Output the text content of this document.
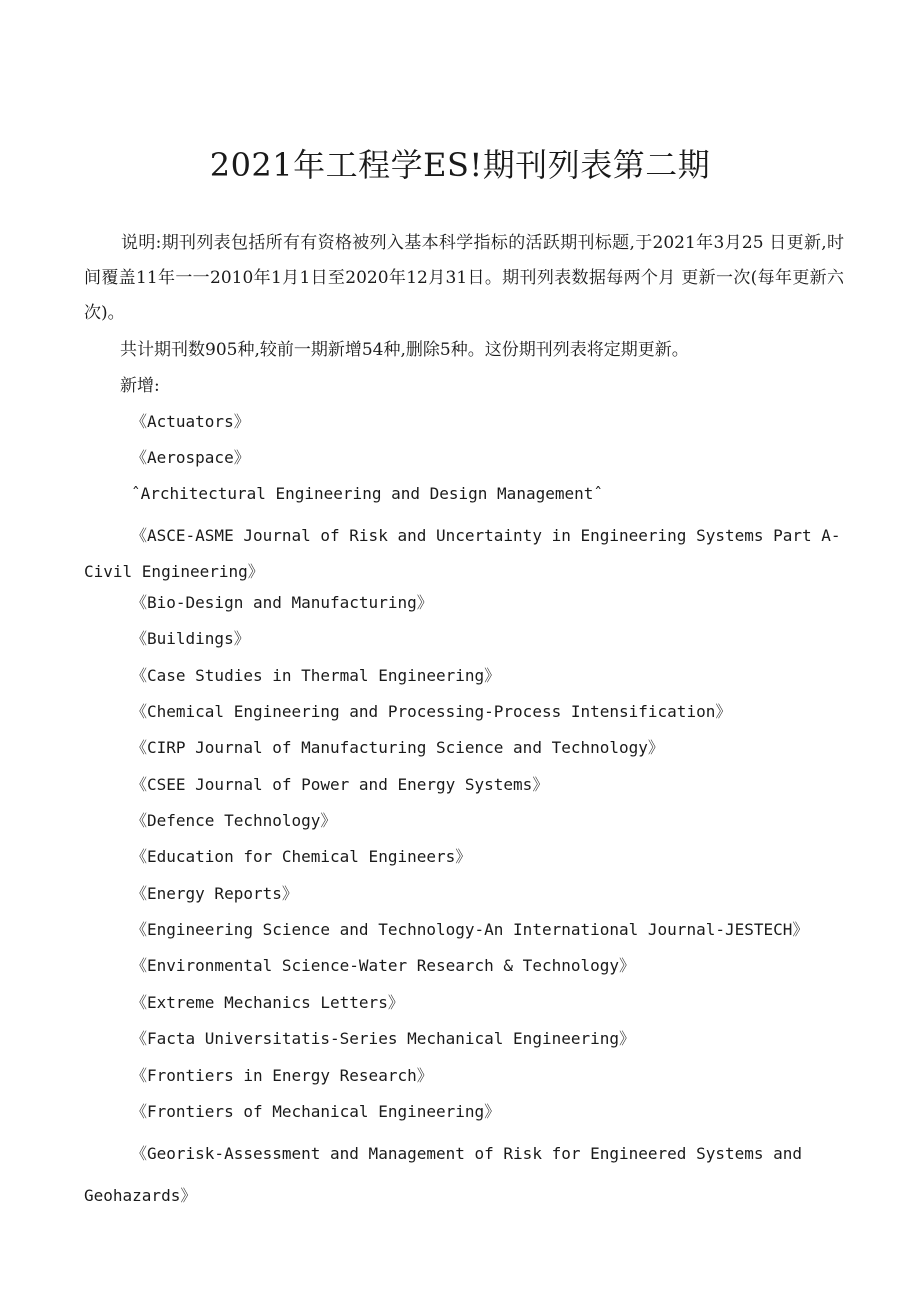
2021年工程学ES!期刊列表第二期

说明:期刊列表包括所有有资格被列入基本科学指标的活跃期刊标题,于2021年3月25 日更新,时间覆盖11年一一2010年1月1日至2020年12月31日。期刊列表数据每两个月 更新一次(每年更新六次)。

共计期刊数905种,较前一期新增54种,删除5种。这份期刊列表将定期更新。

新增:

《Actuators》

《Aerospace》

ˆArchitectural Engineering and Design Managementˆ

《ASCE-ASME Journal of Risk and Uncertainty in Engineering Systems Part A-Civil Engineering》

《Bio-Design and Manufacturing》

《Buildings》

《Case Studies in Thermal Engineering》

《Chemical Engineering and Processing-Process Intensification》

《CIRP Journal of Manufacturing Science and Technology》

《CSEE Journal of Power and Energy Systems》

《Defence Technology》

《Education for Chemical Engineers》

《Energy Reports》

《Engineering Science and Technology-An International Journal-JESTECH》

《Environmental Science-Water Research & Technology》

《Extreme Mechanics Letters》

《Facta Universitatis-Series Mechanical Engineering》

《Frontiers in Energy Research》

《Frontiers of Mechanical Engineering》

《Georisk-Assessment and Management of Risk for Engineered Systems and Geohazards》
